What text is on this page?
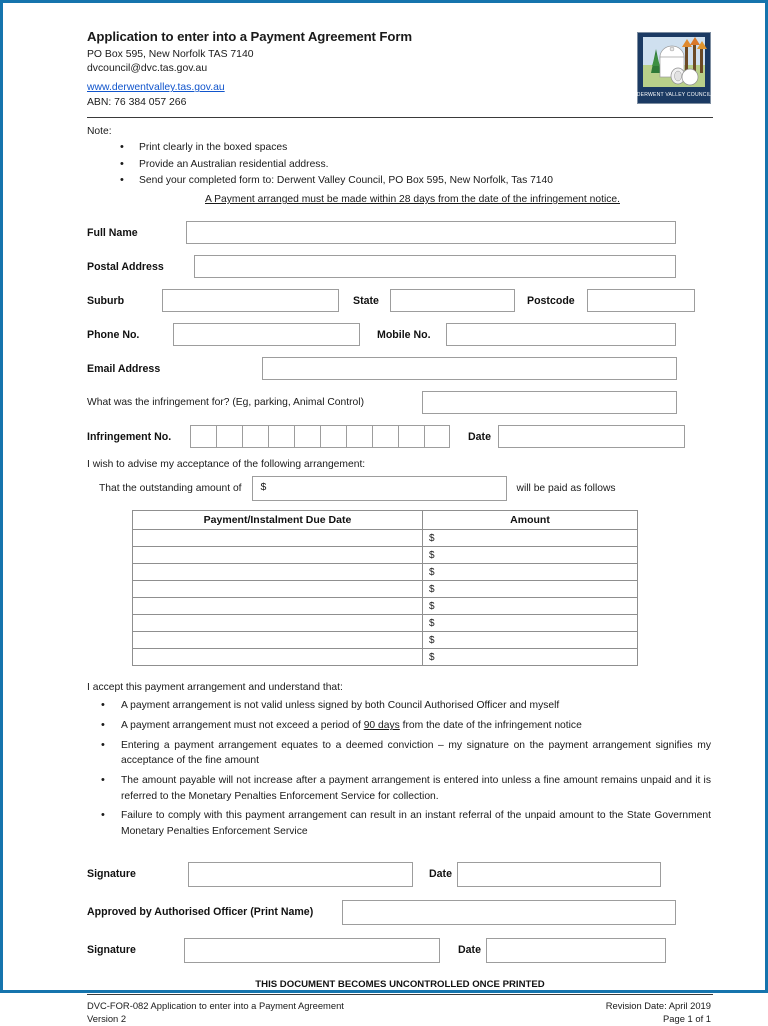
Application to enter into a Payment Agreement Form
PO Box 595, New Norfolk TAS 7140
dvcouncil@dvc.tas.gov.au
www.derwentvalley.tas.gov.au
ABN: 76 384 057 266
DERWENT VALLEY COUNCIL
Note:
• Print clearly in the boxed spaces
• Provide an Australian residential address.
• Send your completed form to: Derwent Valley Council, PO Box 595, New Norfolk, Tas 7140
A Payment arranged must be made within 28 days from the date of the infringement notice.
Full Name
Postal Address
Suburb	State	Postcode
Phone No.	Mobile No.
Email Address
What was the infringement for? (Eg, parking, Animal Control)
Infringement No.	Date
I wish to advise my acceptance of the following arrangement:
That the outstanding amount of	$	will be paid as follows
Payment/Instalment Due Date	Amount
	$
	$
	$
	$
	$
	$
	$
	$
I accept this payment arrangement and understand that:
• A payment arrangement is not valid unless signed by both Council Authorised Officer and myself
• A payment arrangement must not exceed a period of 90 days from the date of the infringement notice
• Entering a payment arrangement equates to a deemed conviction – my signature on the payment arrangement signifies my acceptance of the fine amount
• The amount payable will not increase after a payment arrangement is entered into unless a fine amount remains unpaid and it is referred to the Monetary Penalties Enforcement Service for collection.
• Failure to comply with this payment arrangement can result in an instant referral of the unpaid amount to the State Government Monetary Penalties Enforcement Service
Signature	Date
Approved by Authorised Officer (Print Name)
Signature	Date
THIS DOCUMENT BECOMES UNCONTROLLED ONCE PRINTED
DVC-FOR-082 Application to enter into a Payment Agreement
Version 2
Revision Date: April 2019
Page 1 of 1
